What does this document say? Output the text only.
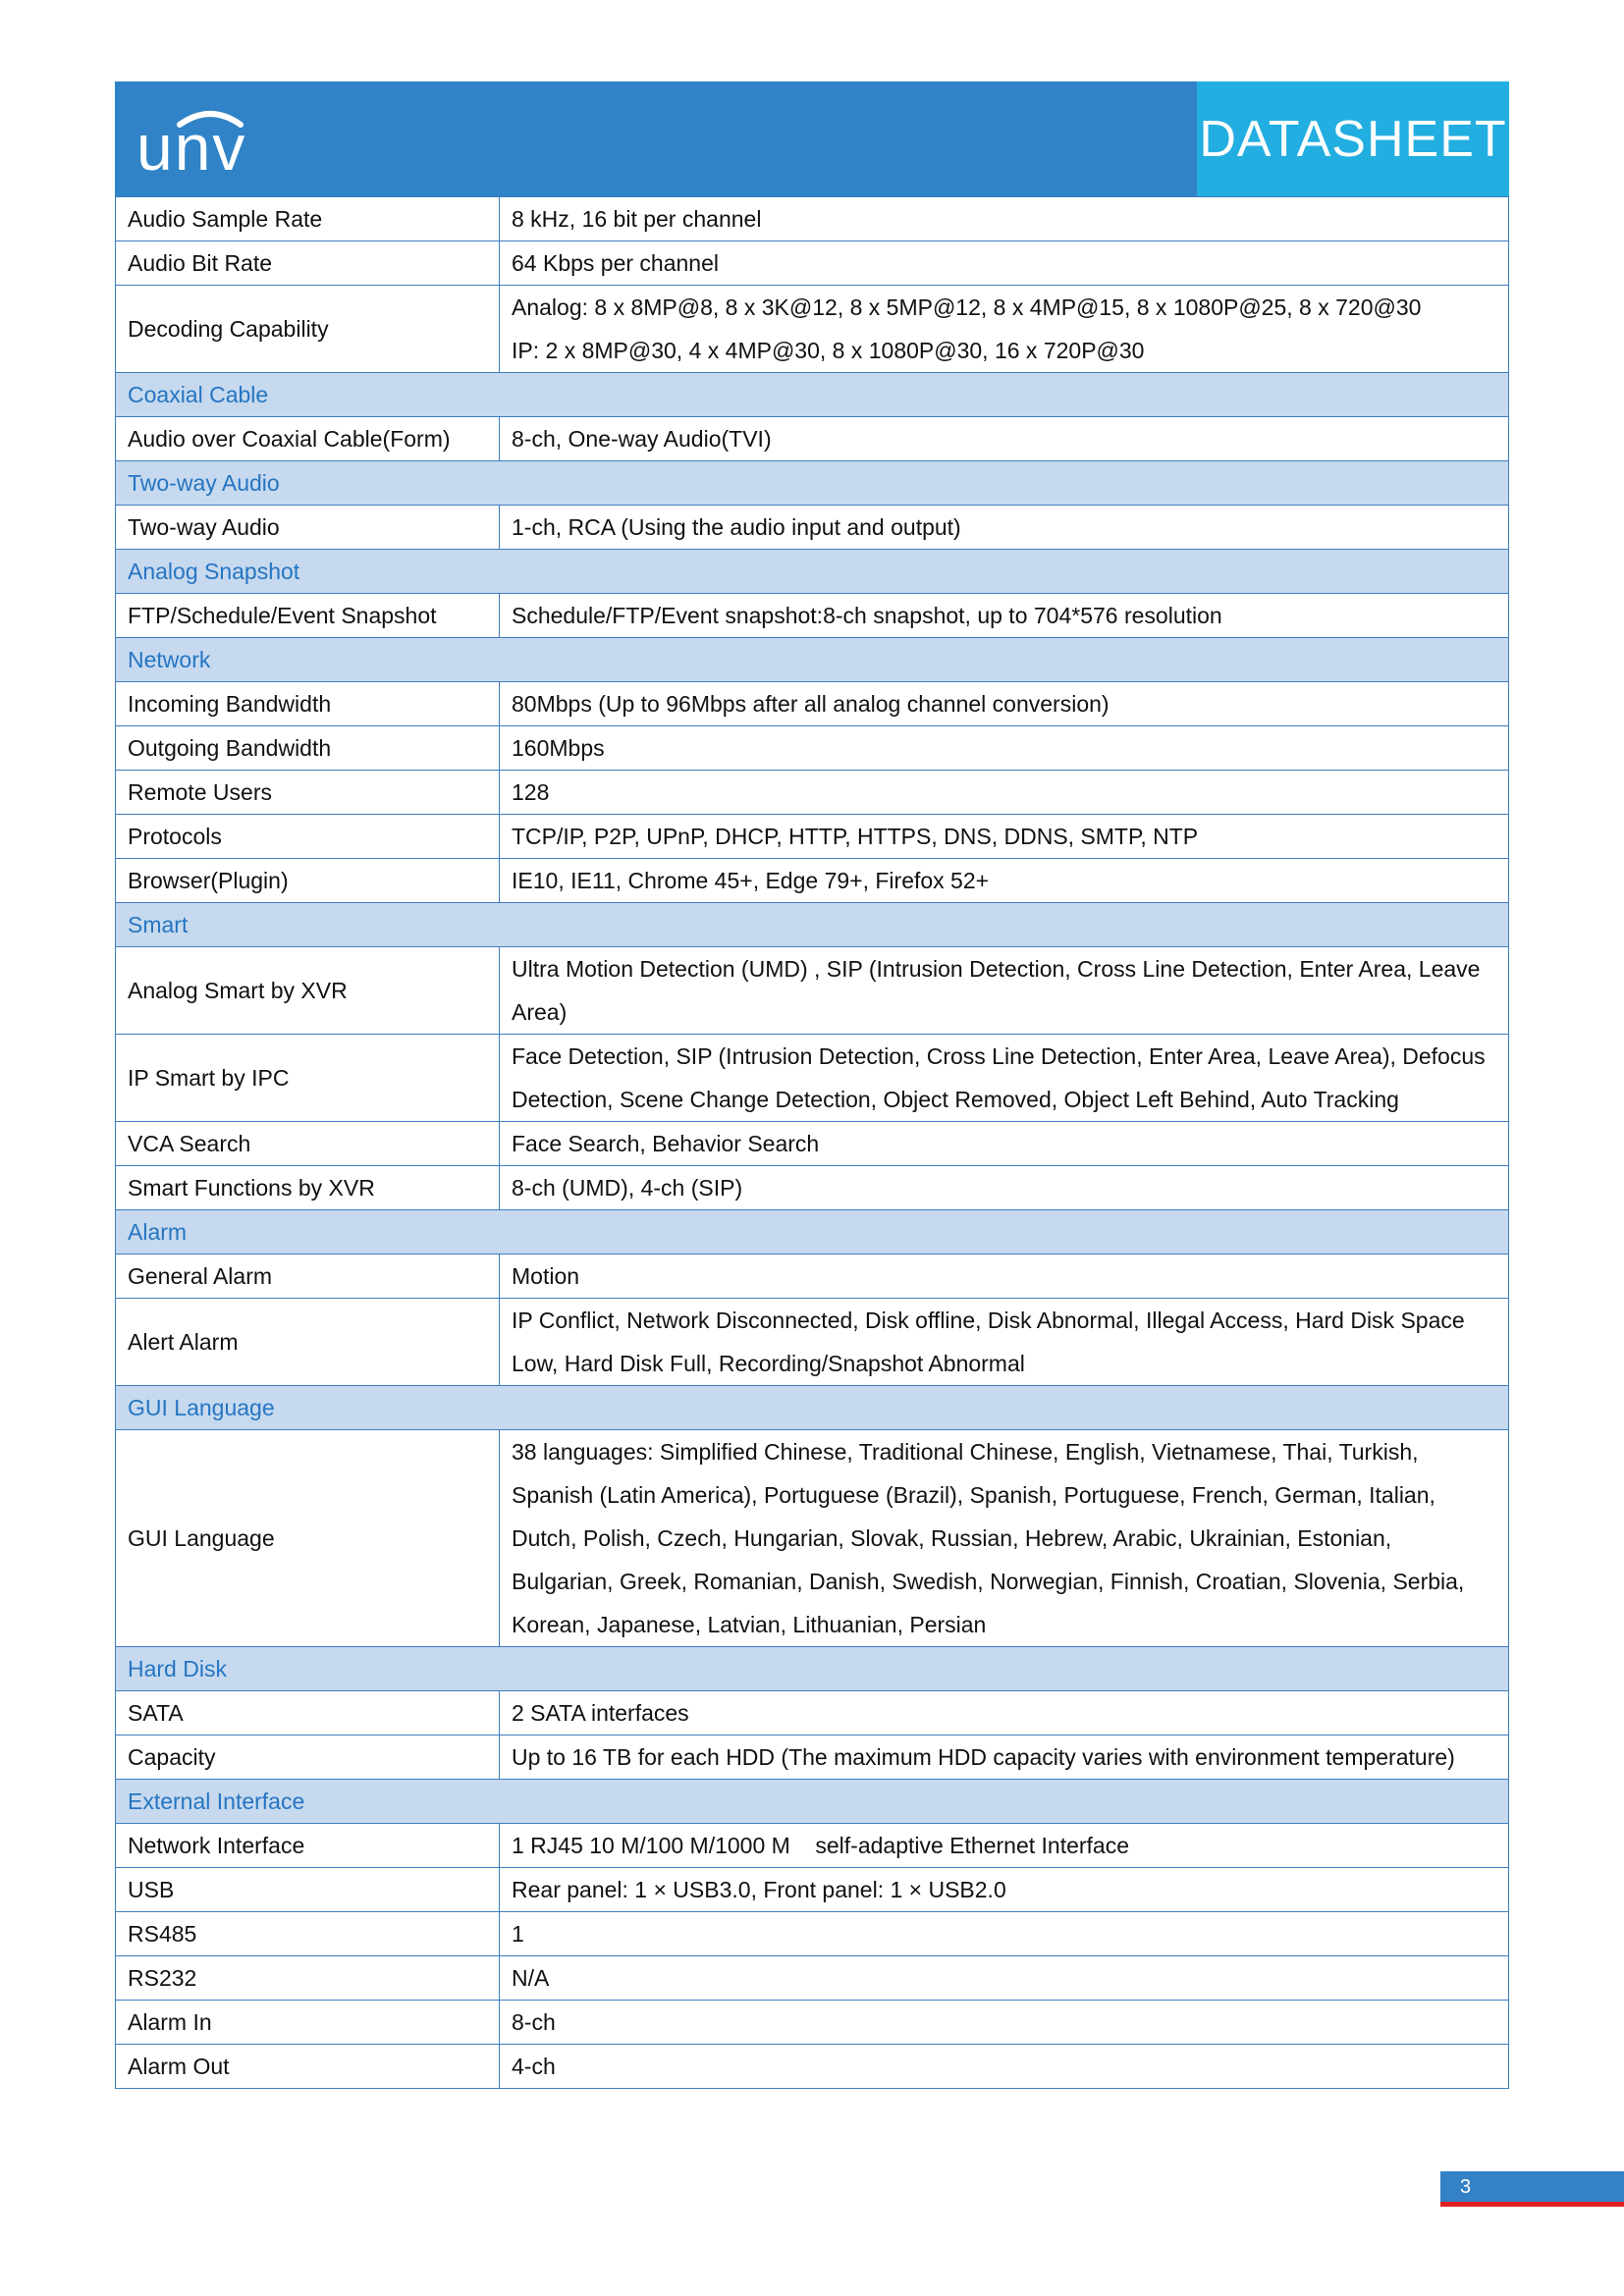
unv	DATASHEET
Audio Sample Rate	8 kHz, 16 bit per channel

Audio Bit Rate	64 Kbps per channel

Decoding Capability	Analog: 8 x 8MP@8, 8 x 3K@12, 8 x 5MP@12, 8 x 4MP@15, 8 x 1080P@25, 8 x 720@30
IP: 2 x 8MP@30, 4 x 4MP@30, 8 x 1080P@30, 16 x 720P@30

Coaxial Cable	
Audio over Coaxial Cable(Form)	8-ch, One-way Audio(TVI)

Two-way Audio	
Two-way Audio	1-ch, RCA (Using the audio input and output)

Analog Snapshot	
FTP/Schedule/Event Snapshot	Schedule/FTP/Event snapshot:8-ch snapshot, up to 704*576 resolution

Network	
Incoming Bandwidth	80Mbps (Up to 96Mbps after all analog channel conversion)

Outgoing Bandwidth	160Mbps

Remote Users	128

Protocols	TCP/IP, P2P, UPnP, DHCP, HTTP, HTTPS, DNS, DDNS, SMTP, NTP

Browser(Plugin)	IE10, IE11, Chrome 45+, Edge 79+, Firefox 52+

Smart	
Analog Smart by XVR	Ultra Motion Detection (UMD) , SIP (Intrusion Detection, Cross Line Detection, Enter Area, Leave
Area)

IP Smart by IPC	Face Detection, SIP (Intrusion Detection, Cross Line Detection, Enter Area, Leave Area), Defocus
Detection, Scene Change Detection, Object Removed, Object Left Behind, Auto Tracking

VCA Search	Face Search, Behavior Search

Smart Functions by XVR	8-ch (UMD), 4-ch (SIP)

Alarm	
General Alarm	Motion

Alert Alarm	IP Conflict, Network Disconnected, Disk offline, Disk Abnormal, Illegal Access, Hard Disk Space
Low, Hard Disk Full, Recording/Snapshot Abnormal

GUI Language	
GUI Language	38 languages: Simplified Chinese, Traditional Chinese, English, Vietnamese, Thai, Turkish,
Spanish (Latin America), Portuguese (Brazil), Spanish, Portuguese, French, German, Italian,
Dutch, Polish, Czech, Hungarian, Slovak, Russian, Hebrew, Arabic, Ukrainian, Estonian,
Bulgarian, Greek, Romanian, Danish, Swedish, Norwegian, Finnish, Croatian, Slovenia, Serbia,
Korean, Japanese, Latvian, Lithuanian, Persian

Hard Disk	
SATA	2 SATA interfaces

Capacity	Up to 16 TB for each HDD (The maximum HDD capacity varies with environment temperature)

External Interface	
Network Interface	1 RJ45 10 M/100 M/1000 M    self-adaptive Ethernet Interface

USB	Rear panel: 1 × USB3.0, Front panel: 1 × USB2.0

RS485	1

RS232	N/A

Alarm In	8-ch

Alarm Out	4-ch
3
